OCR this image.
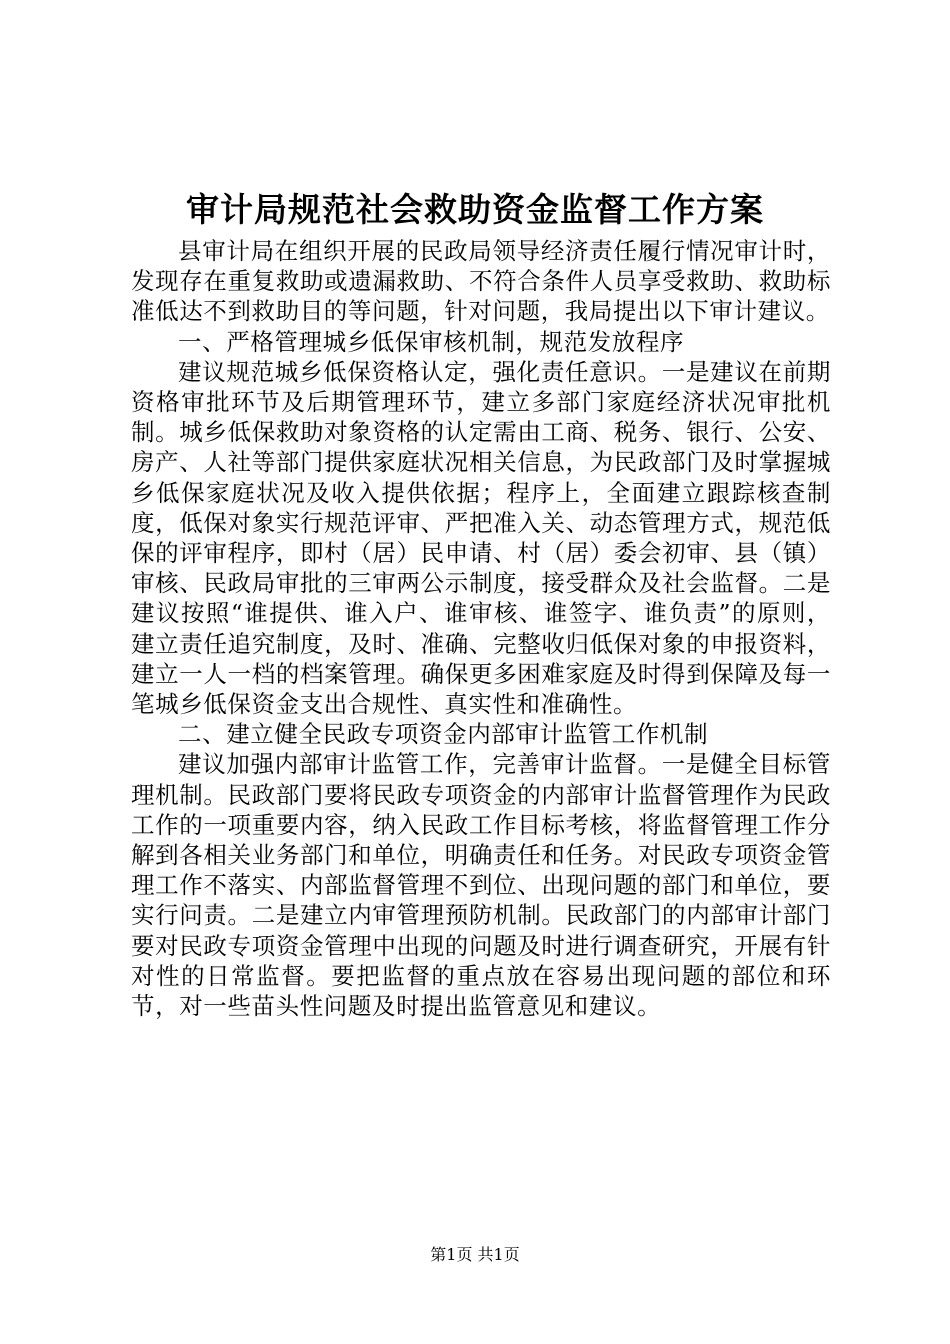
审计局规范社会救助资金监督工作方案

县审计局在组织开展的民政局领导经济责任履行情况审计时，发现存在重复救助或遗漏救助、不符合条件人员享受救助、救助标准低达不到救助目的等问题，针对问题，我局提出以下审计建议。

一、严格管理城乡低保审核机制，规范发放程序

建议规范城乡低保资格认定，强化责任意识。一是建议在前期资格审批环节及后期管理环节，建立多部门家庭经济状况审批机制。城乡低保救助对象资格的认定需由工商、税务、银行、公安、房产、人社等部门提供家庭状况相关信息，为民政部门及时掌握城乡低保家庭状况及收入提供依据；程序上，全面建立跟踪核查制度，低保对象实行规范评审、严把准入关、动态管理方式，规范低保的评审程序，即村（居）民申请、村（居）委会初审、县（镇）审核、民政局审批的三审两公示制度，接受群众及社会监督。二是建议按照“谁提供、谁入户、谁审核、谁签字、谁负责”的原则，建立责任追究制度，及时、准确、完整收归低保对象的申报资料，建立一人一档的档案管理。确保更多困难家庭及时得到保障及每一笔城乡低保资金支出合规性、真实性和准确性。

二、建立健全民政专项资金内部审计监管工作机制

建议加强内部审计监管工作，完善审计监督。一是健全目标管理机制。民政部门要将民政专项资金的内部审计监督管理作为民政工作的一项重要内容，纳入民政工作目标考核，将监督管理工作分解到各相关业务部门和单位，明确责任和任务。对民政专项资金管理工作不落实、内部监督管理不到位、出现问题的部门和单位，要实行问责。二是建立内审管理预防机制。民政部门的内部审计部门要对民政专项资金管理中出现的问题及时进行调查研究，开展有针对性的日常监督。要把监督的重点放在容易出现问题的部位和环节，对一些苗头性问题及时提出监管意见和建议。

第1页 共1页
